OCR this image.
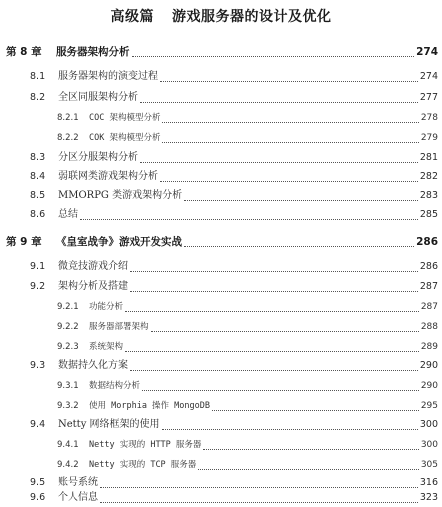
高级篇 游戏服务器的设计及优化
第 8 章	服务器架构分析	274
8.1	服务器架构的演变过程	274
8.2	全区同服架构分析	277
8.2.1	COC 架构模型分析	278
8.2.2	COK 架构模型分析	279
8.3	分区分服架构分析	281
8.4	弱联网类游戏架构分析	282
8.5	MMORPG 类游戏架构分析	283
8.6	总结	285
第 9 章	《皇室战争》游戏开发实战	286
9.1	微竞技游戏介绍	286
9.2	架构分析及搭建	287
9.2.1	功能分析	287
9.2.2	服务器部署架构	288
9.2.3	系统架构	289
9.3	数据持久化方案	290
9.3.1	数据结构分析	290
9.3.2	使用 Morphia 操作 MongoDB	295
9.4	Netty 网络框架的使用	300
9.4.1	Netty 实现的 HTTP 服务器	300
9.4.2	Netty 实现的 TCP 服务器	305
9.5	账号系统	316
9.6	个人信息	323
